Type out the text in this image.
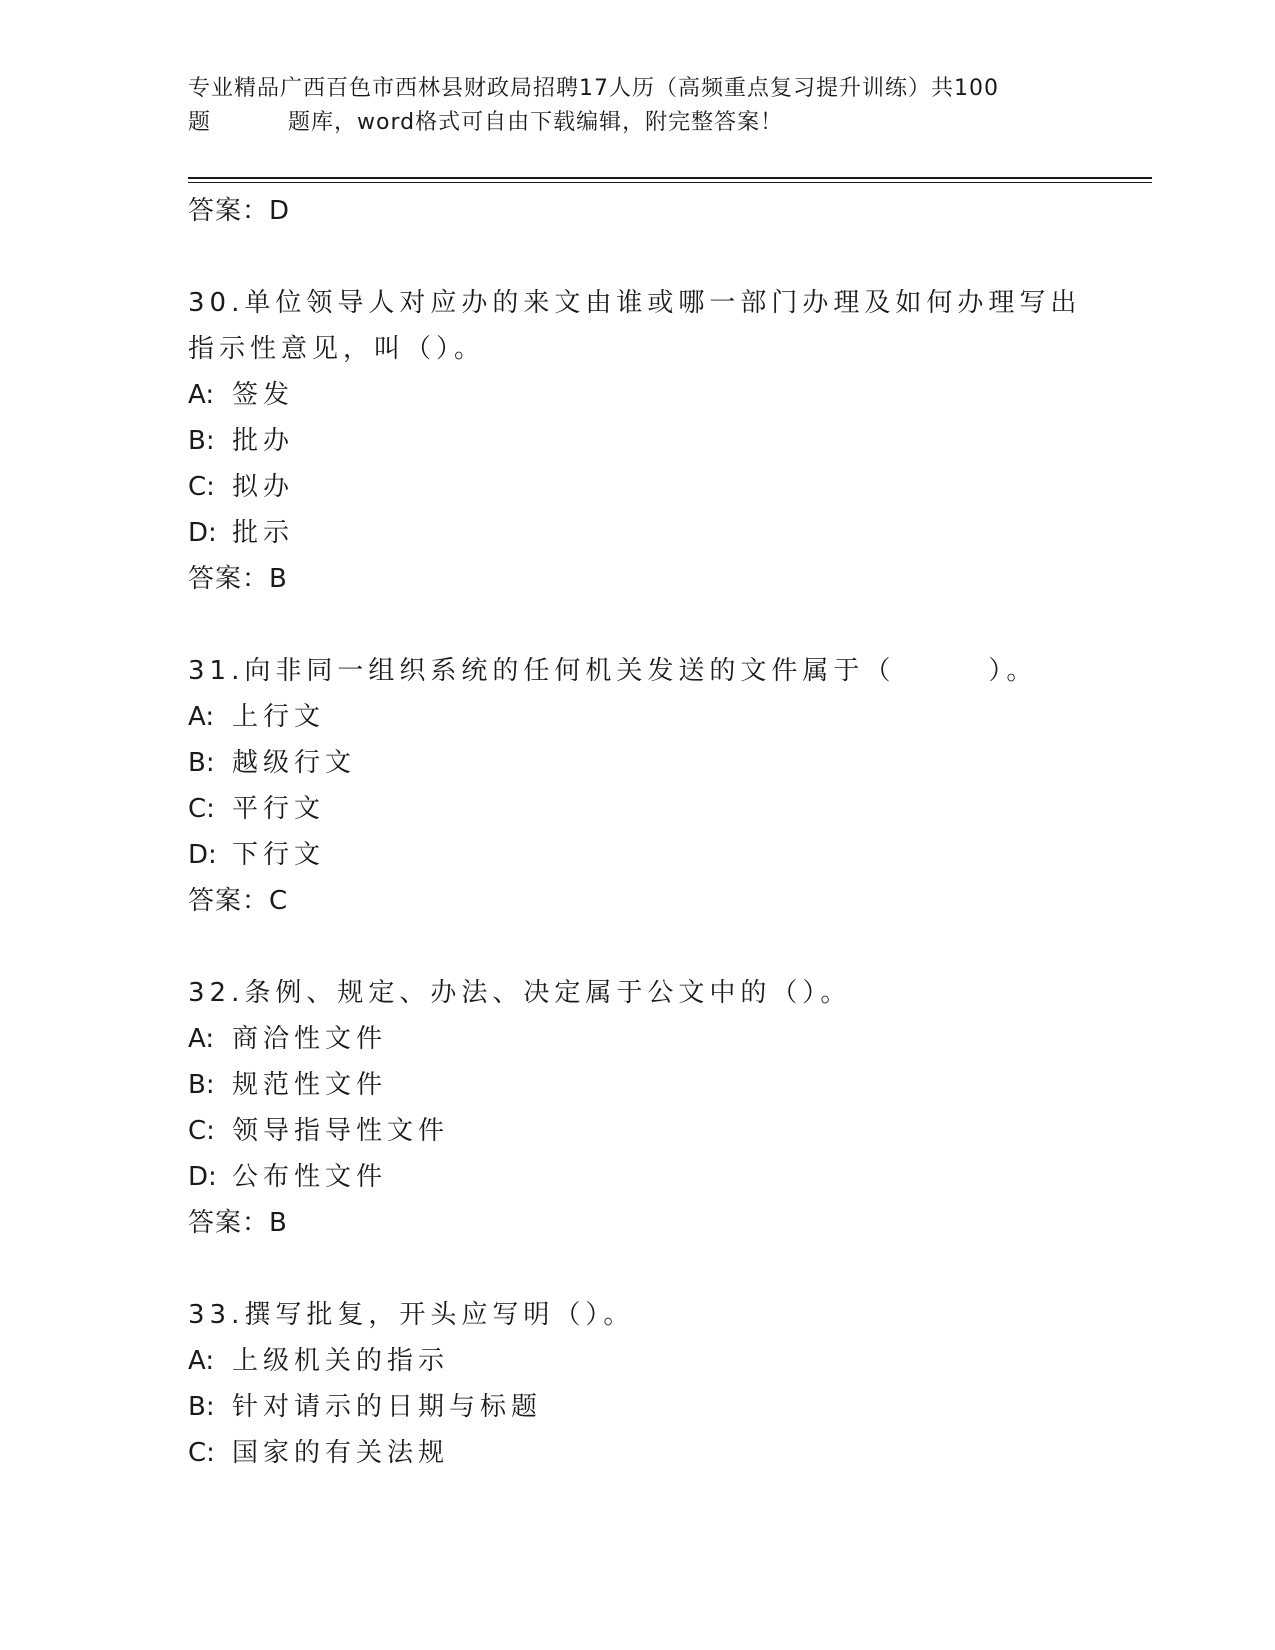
专业精品广西百色市西林县财政局招聘17人历（高频重点复习提升训练）共100
题	题库，word格式可自由下载编辑，附完整答案！
答案：D
30.单位领导人对应办的来文由谁或哪一部门办理及如何办理写出指示性意见，叫（）。
A: 签发
B: 批办
C: 拟办
D: 批示
答案：B
31.向非同一组织系统的任何机关发送的文件属于（　　　）。
A: 上行文
B: 越级行文
C: 平行文
D: 下行文
答案：C
32.条例、规定、办法、决定属于公文中的（）。
A: 商洽性文件
B: 规范性文件
C: 领导指导性文件
D: 公布性文件
答案：B
33.撰写批复，开头应写明（）。
A: 上级机关的指示
B: 针对请示的日期与标题
C: 国家的有关法规
